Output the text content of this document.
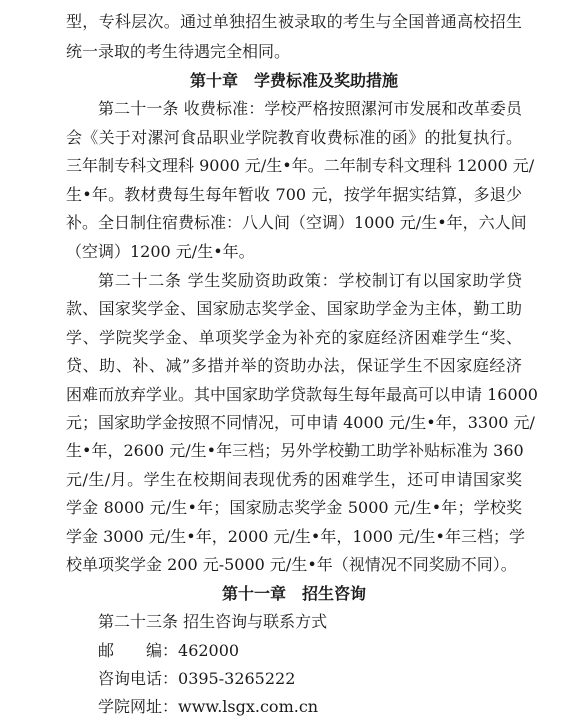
型，专科层次。通过单独招生被录取的考生与全国普通高校招生
统一录取的考生待遇完全相同。
第十章　学费标准及奖助措施
第二十一条 收费标准：学校严格按照漯河市发展和改革委员
会《关于对漯河食品职业学院教育收费标准的函》的批复执行。
三年制专科文理科 9000 元/生•年。二年制专科文理科 12000 元/
生•年。教材费每生每年暂收 700 元，按学年据实结算，多退少
补。全日制住宿费标准：八人间（空调）1000 元/生•年，六人间
（空调）1200 元/生•年。
第二十二条 学生奖励资助政策：学校制订有以国家助学贷
款、国家奖学金、国家励志奖学金、国家助学金为主体，勤工助
学、学院奖学金、单项奖学金为补充的家庭经济困难学生“奖、
贷、助、补、减”多措并举的资助办法，保证学生不因家庭经济
困难而放弃学业。其中国家助学贷款每生每年最高可以申请 16000
元；国家助学金按照不同情况，可申请 4000 元/生•年，3300 元/
生•年，2600 元/生•年三档；另外学校勤工助学补贴标准为 360
元/生/月。学生在校期间表现优秀的困难学生，还可申请国家奖
学金 8000 元/生•年；国家励志奖学金 5000 元/生•年；学校奖
学金 3000 元/生•年，2000 元/生•年，1000 元/生•年三档；学
校单项奖学金 200 元-5000 元/生•年（视情况不同奖励不同）。
第十一章　招生咨询
第二十三条 招生咨询与联系方式
邮　　编：462000
咨询电话：0395-3265222
学院网址：www.lsgx.com.cn
